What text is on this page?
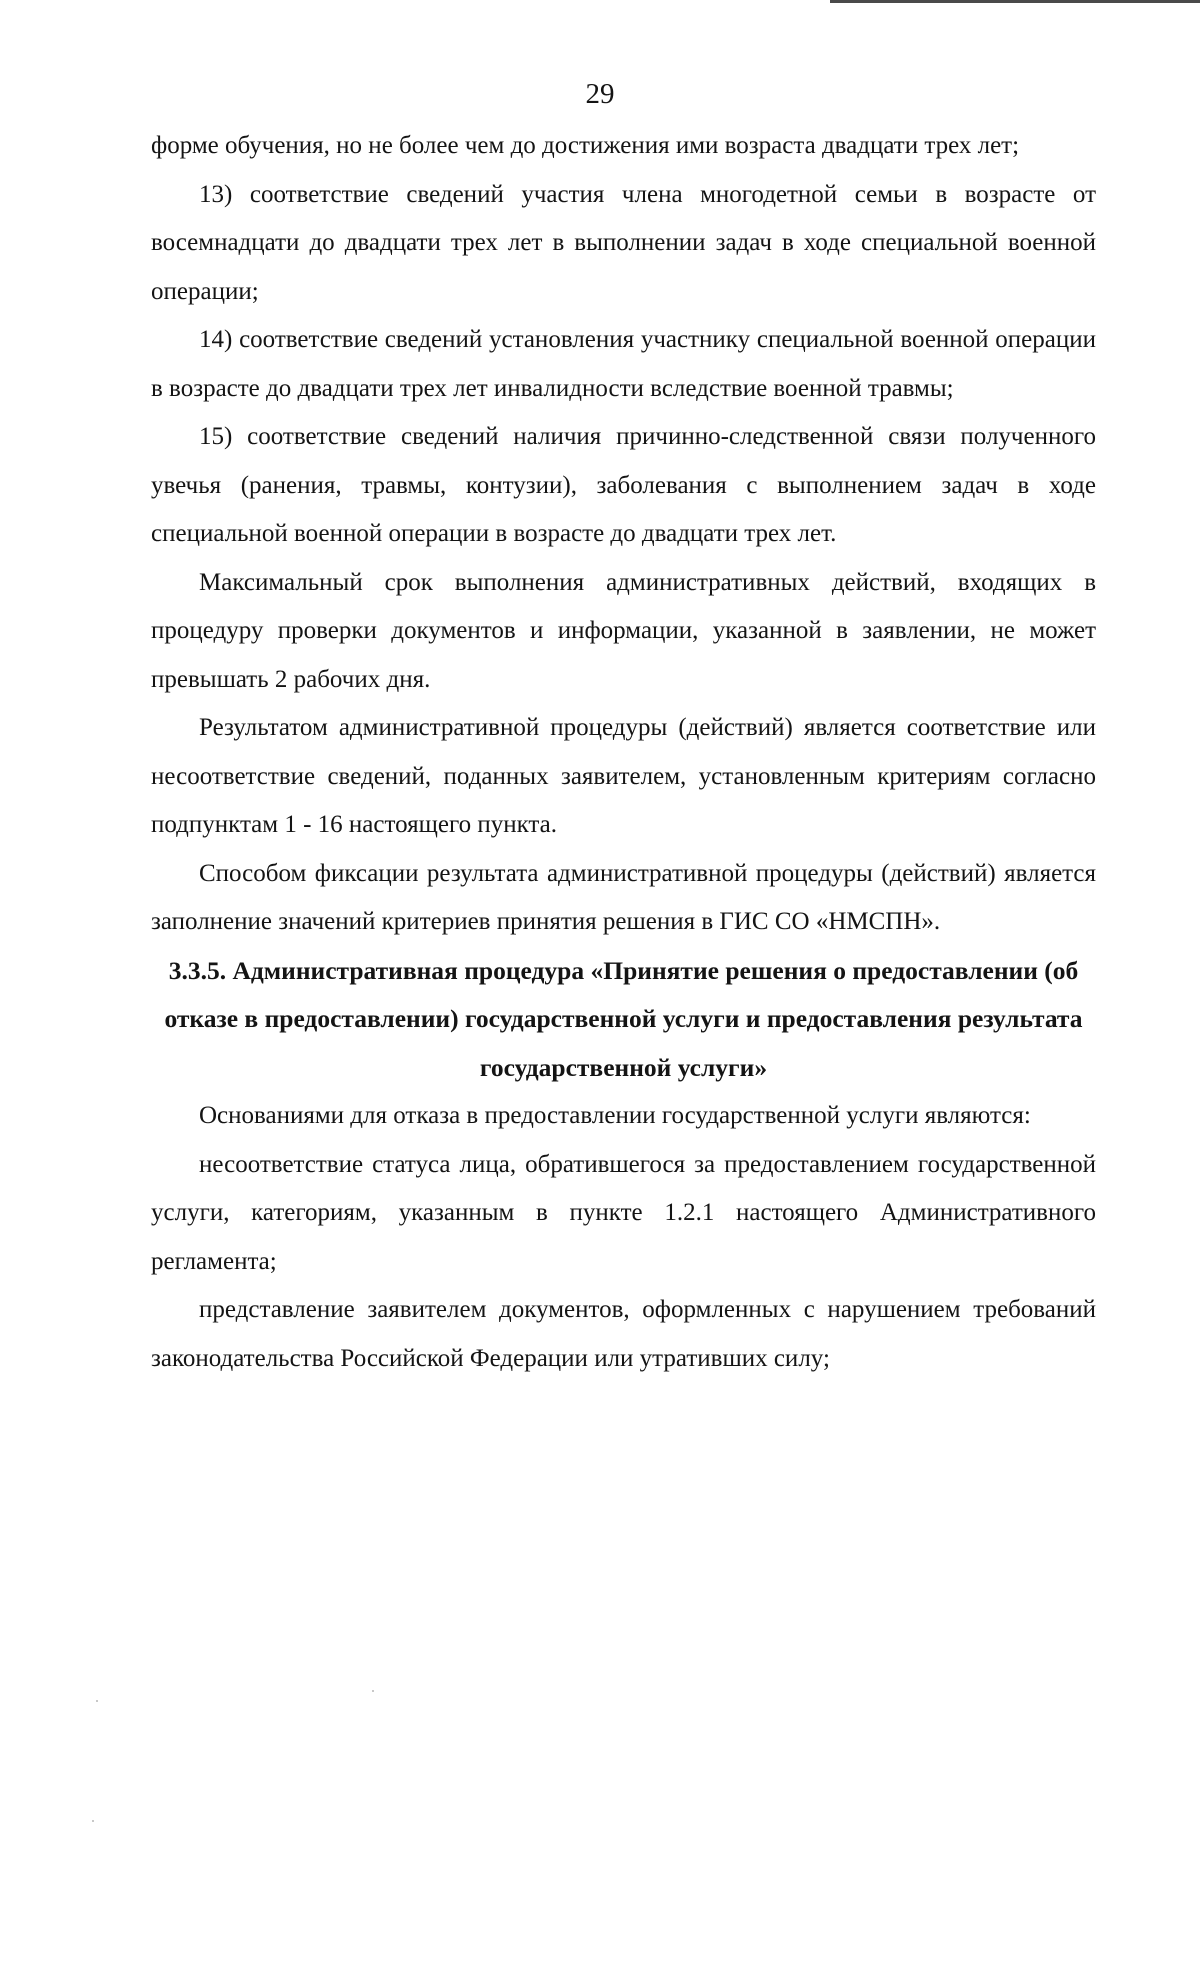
29

форме обучения, но не более чем до достижения ими возраста двадцати трех лет;

13) соответствие сведений участия члена многодетной семьи в возрасте от восемнадцати до двадцати трех лет в выполнении задач в ходе специальной военной операции;

14) соответствие сведений установления участнику специальной военной операции в возрасте до двадцати трех лет инвалидности вследствие военной травмы;

15) соответствие сведений наличия причинно-следственной связи полученного увечья (ранения, травмы, контузии), заболевания с выполнением задач в ходе специальной военной операции в возрасте до двадцати трех лет.

Максимальный срок выполнения административных действий, входящих в процедуру проверки документов и информации, указанной в заявлении, не может превышать 2 рабочих дня.

Результатом административной процедуры (действий) является соответствие или несоответствие сведений, поданных заявителем, установленным критериям согласно подпунктам 1 - 16 настоящего пункта.

Способом фиксации результата административной процедуры (действий) является заполнение значений критериев принятия решения в ГИС СО «НМСПН».

3.3.5. Административная процедура «Принятие решения о предоставлении (об отказе в предоставлении) государственной услуги и предоставления результата государственной услуги»

Основаниями для отказа в предоставлении государственной услуги являются:

несоответствие статуса лица, обратившегося за предоставлением государственной услуги, категориям, указанным в пункте 1.2.1 настоящего Административного регламента;

представление заявителем документов, оформленных с нарушением требований законодательства Российской Федерации или утративших силу;
